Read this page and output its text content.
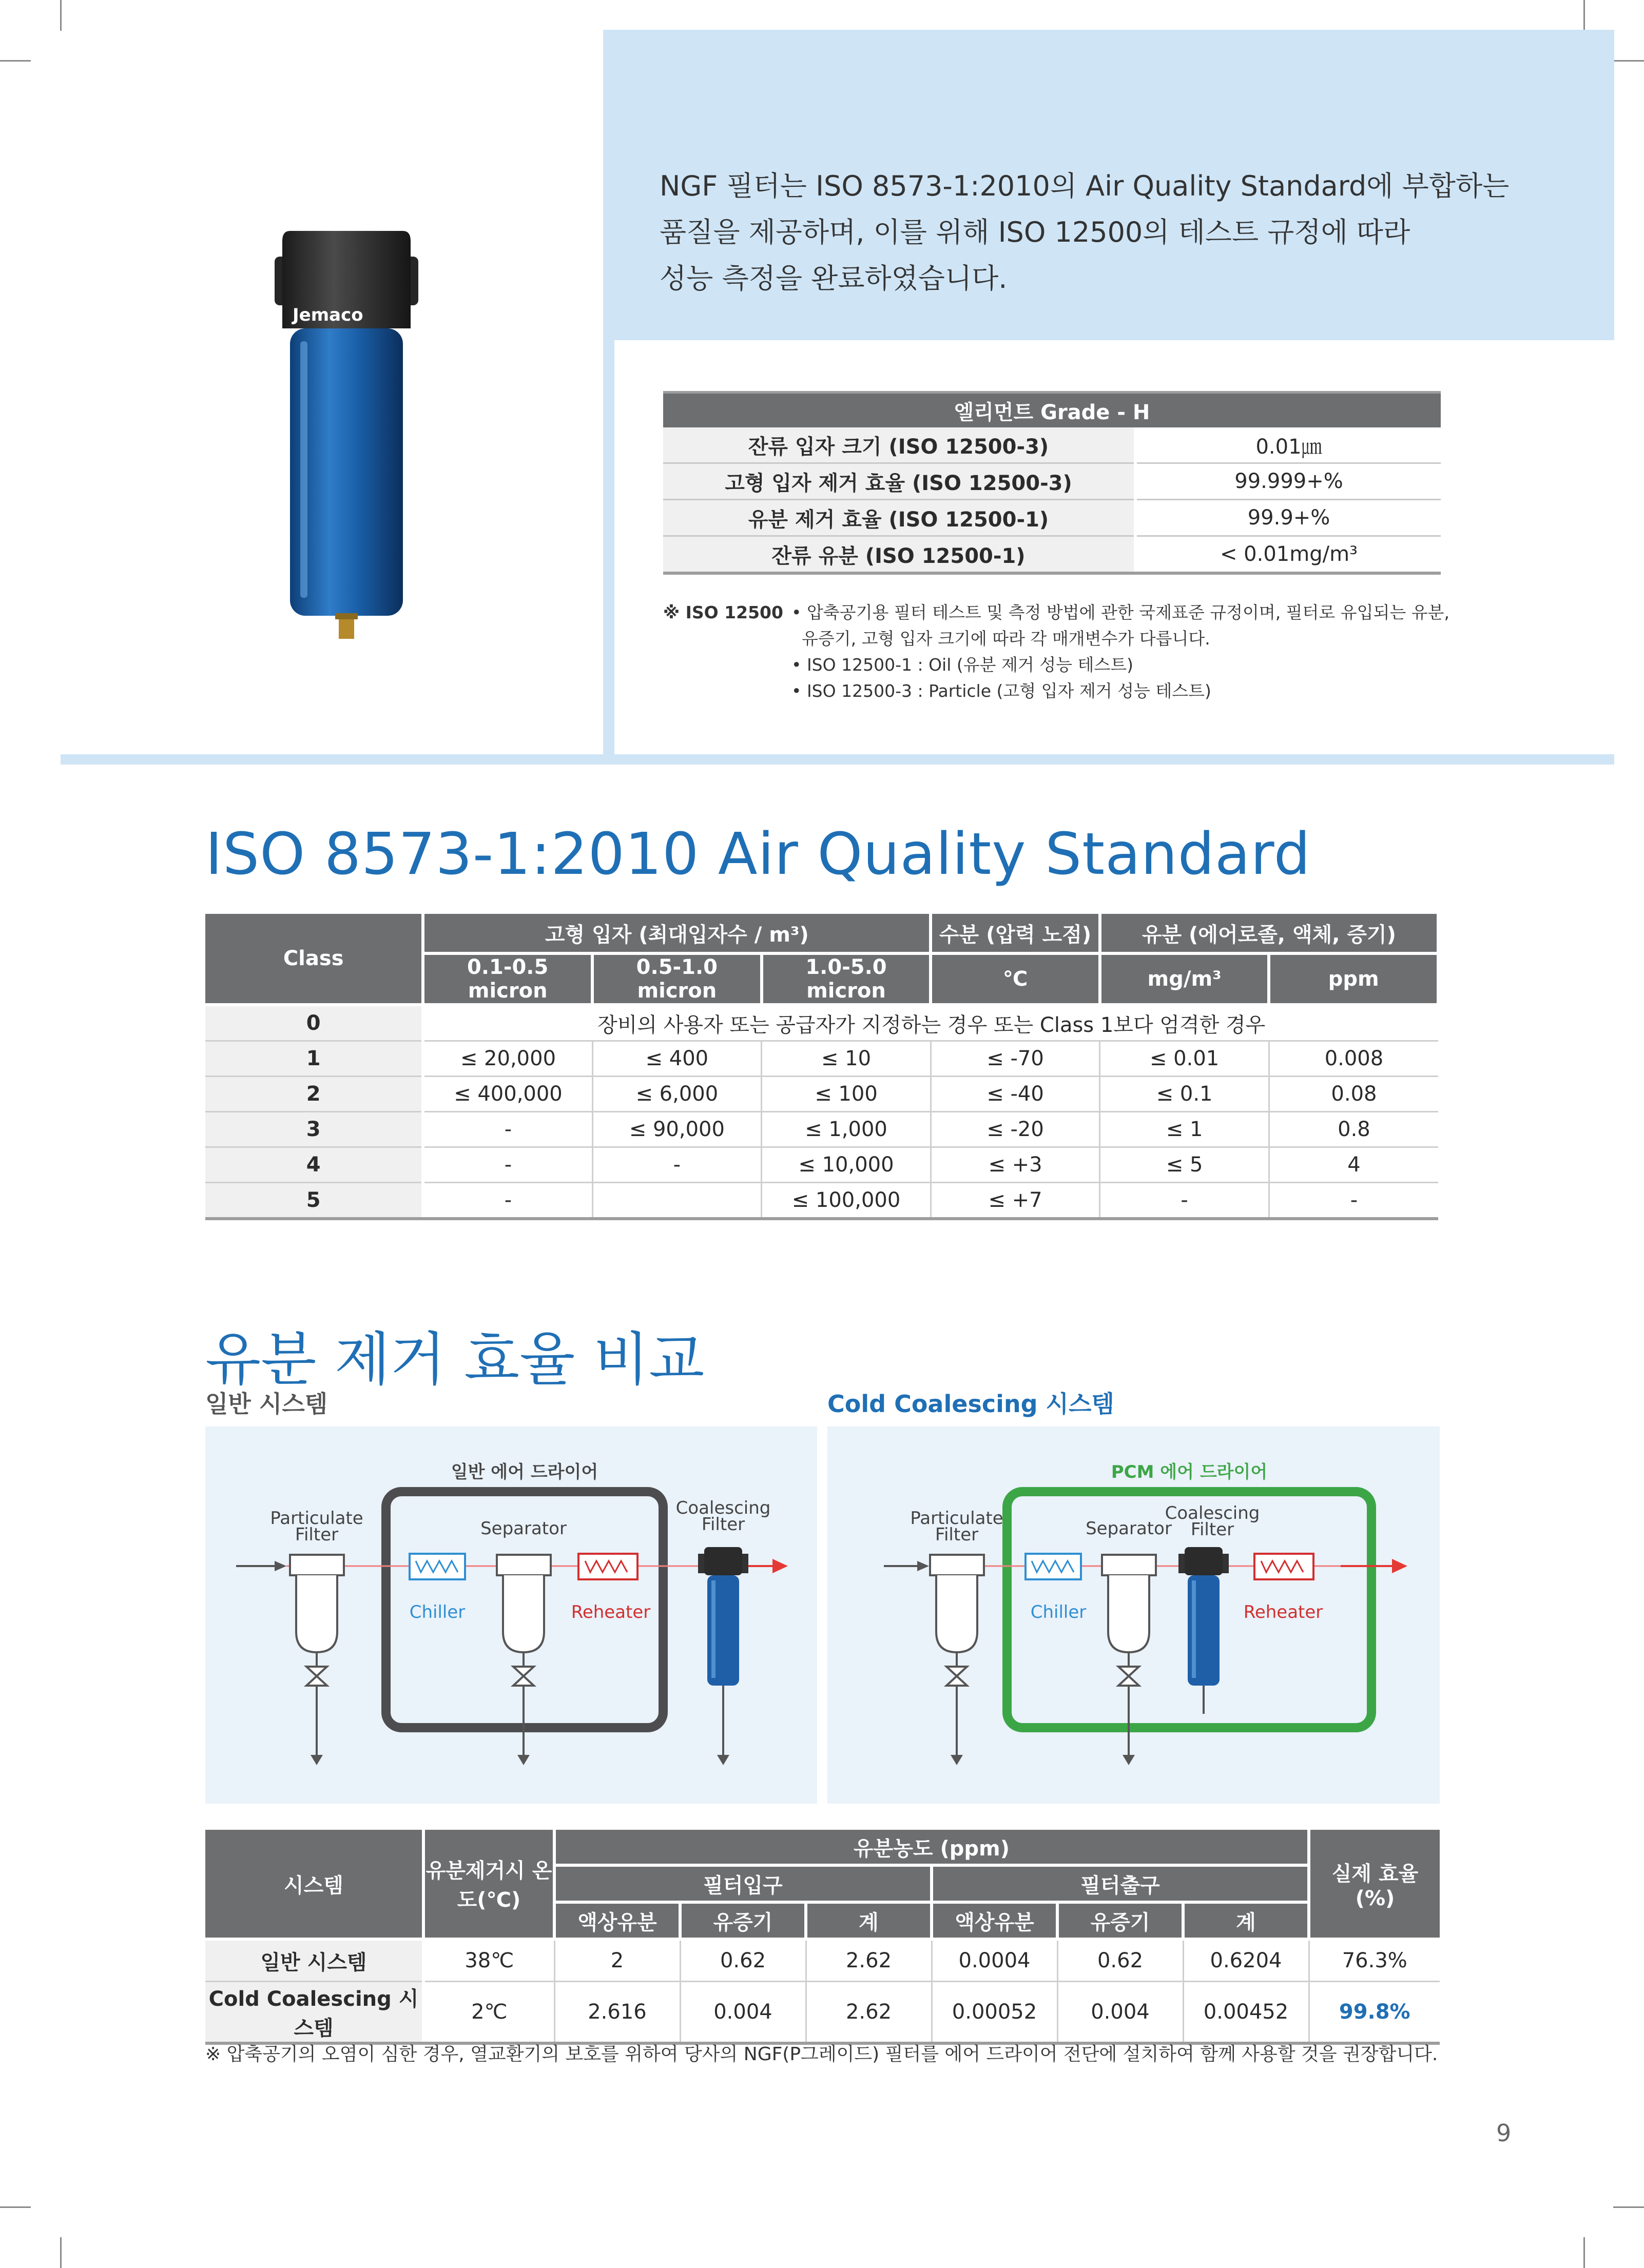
Jemaco
NGF 필터는 ISO 8573-1:2010의 Air Quality Standard에 부합하는
품질을 제공하며, 이를 위해 ISO 12500의 테스트 규정에 따라
성능 측정을 완료하였습니다.
엘리먼트 Grade - H	
잔류 입자 크기 (ISO 12500-3)	0.01㎛
고형 입자 제거 효율 (ISO 12500-3)	99.999+%
유분 제거 효율 (ISO 12500-1)	99.9+%
잔류 유분 (ISO 12500-1)	< 0.01mg/m³
※ ISO 12500 • 압축공기용 필터 테스트 및 측정 방법에 관한 국제표준 규정이며, 필터로 유입되는 유분,
유증기, 고형 입자 크기에 따라 각 매개변수가 다릅니다.
• ISO 12500-1 : Oil (유분 제거 성능 테스트)
• ISO 12500-3 : Particle (고형 입자 제거 성능 테스트)
ISO 8573-1:2010 Air Quality Standard
Class	고형 입자 (최대입자수 / m³)			수분 (압력 노점)	유분 (에어로졸, 액체, 증기)	
	0.1-0.5 micron	0.5-1.0 micron	1.0-5.0 micron	℃	mg/m³	ppm
0	장비의 사용자 또는 공급자가 지정하는 경우 또는 Class 1보다 엄격한 경우					
1	≤ 20,000	≤ 400	≤ 10	≤ -70	≤ 0.01	0.008
2	≤ 400,000	≤ 6,000	≤ 100	≤ -40	≤ 0.1	0.08
3	-	≤ 90,000	≤ 1,000	≤ -20	≤ 1	0.8
4	-	-	≤ 10,000	≤ +3	≤ 5	4
5	-		≤ 100,000	≤ +7	-	-
유분 제거 효율 비교
일반 시스템	Cold Coalescing 시스템
일반 에어 드라이어
Particulate
Filter
Chiller
Separator
Reheater
Coalescing
Filter
PCM 에어 드라이어
Particulate
Filter
Chiller
Separator
Coalescing
Filter
Reheater
시스템	유분제거시 온도(℃)	유분농도 (ppm)						실제 효율 (%)
		필터입구			필터출구			
		액상유분	유증기	계	액상유분	유증기	계	
일반 시스템	38℃	2	0.62	2.62	0.0004	0.62	0.6204	76.3%
Cold Coalescing 시스템	2℃	2.616	0.004	2.62	0.00052	0.004	0.00452	99.8%
※ 압축공기의 오염이 심한 경우, 열교환기의 보호를 위하여 당사의 NGF(P그레이드) 필터를 에어 드라이어 전단에 설치하여 함께 사용할 것을 권장합니다.
9
